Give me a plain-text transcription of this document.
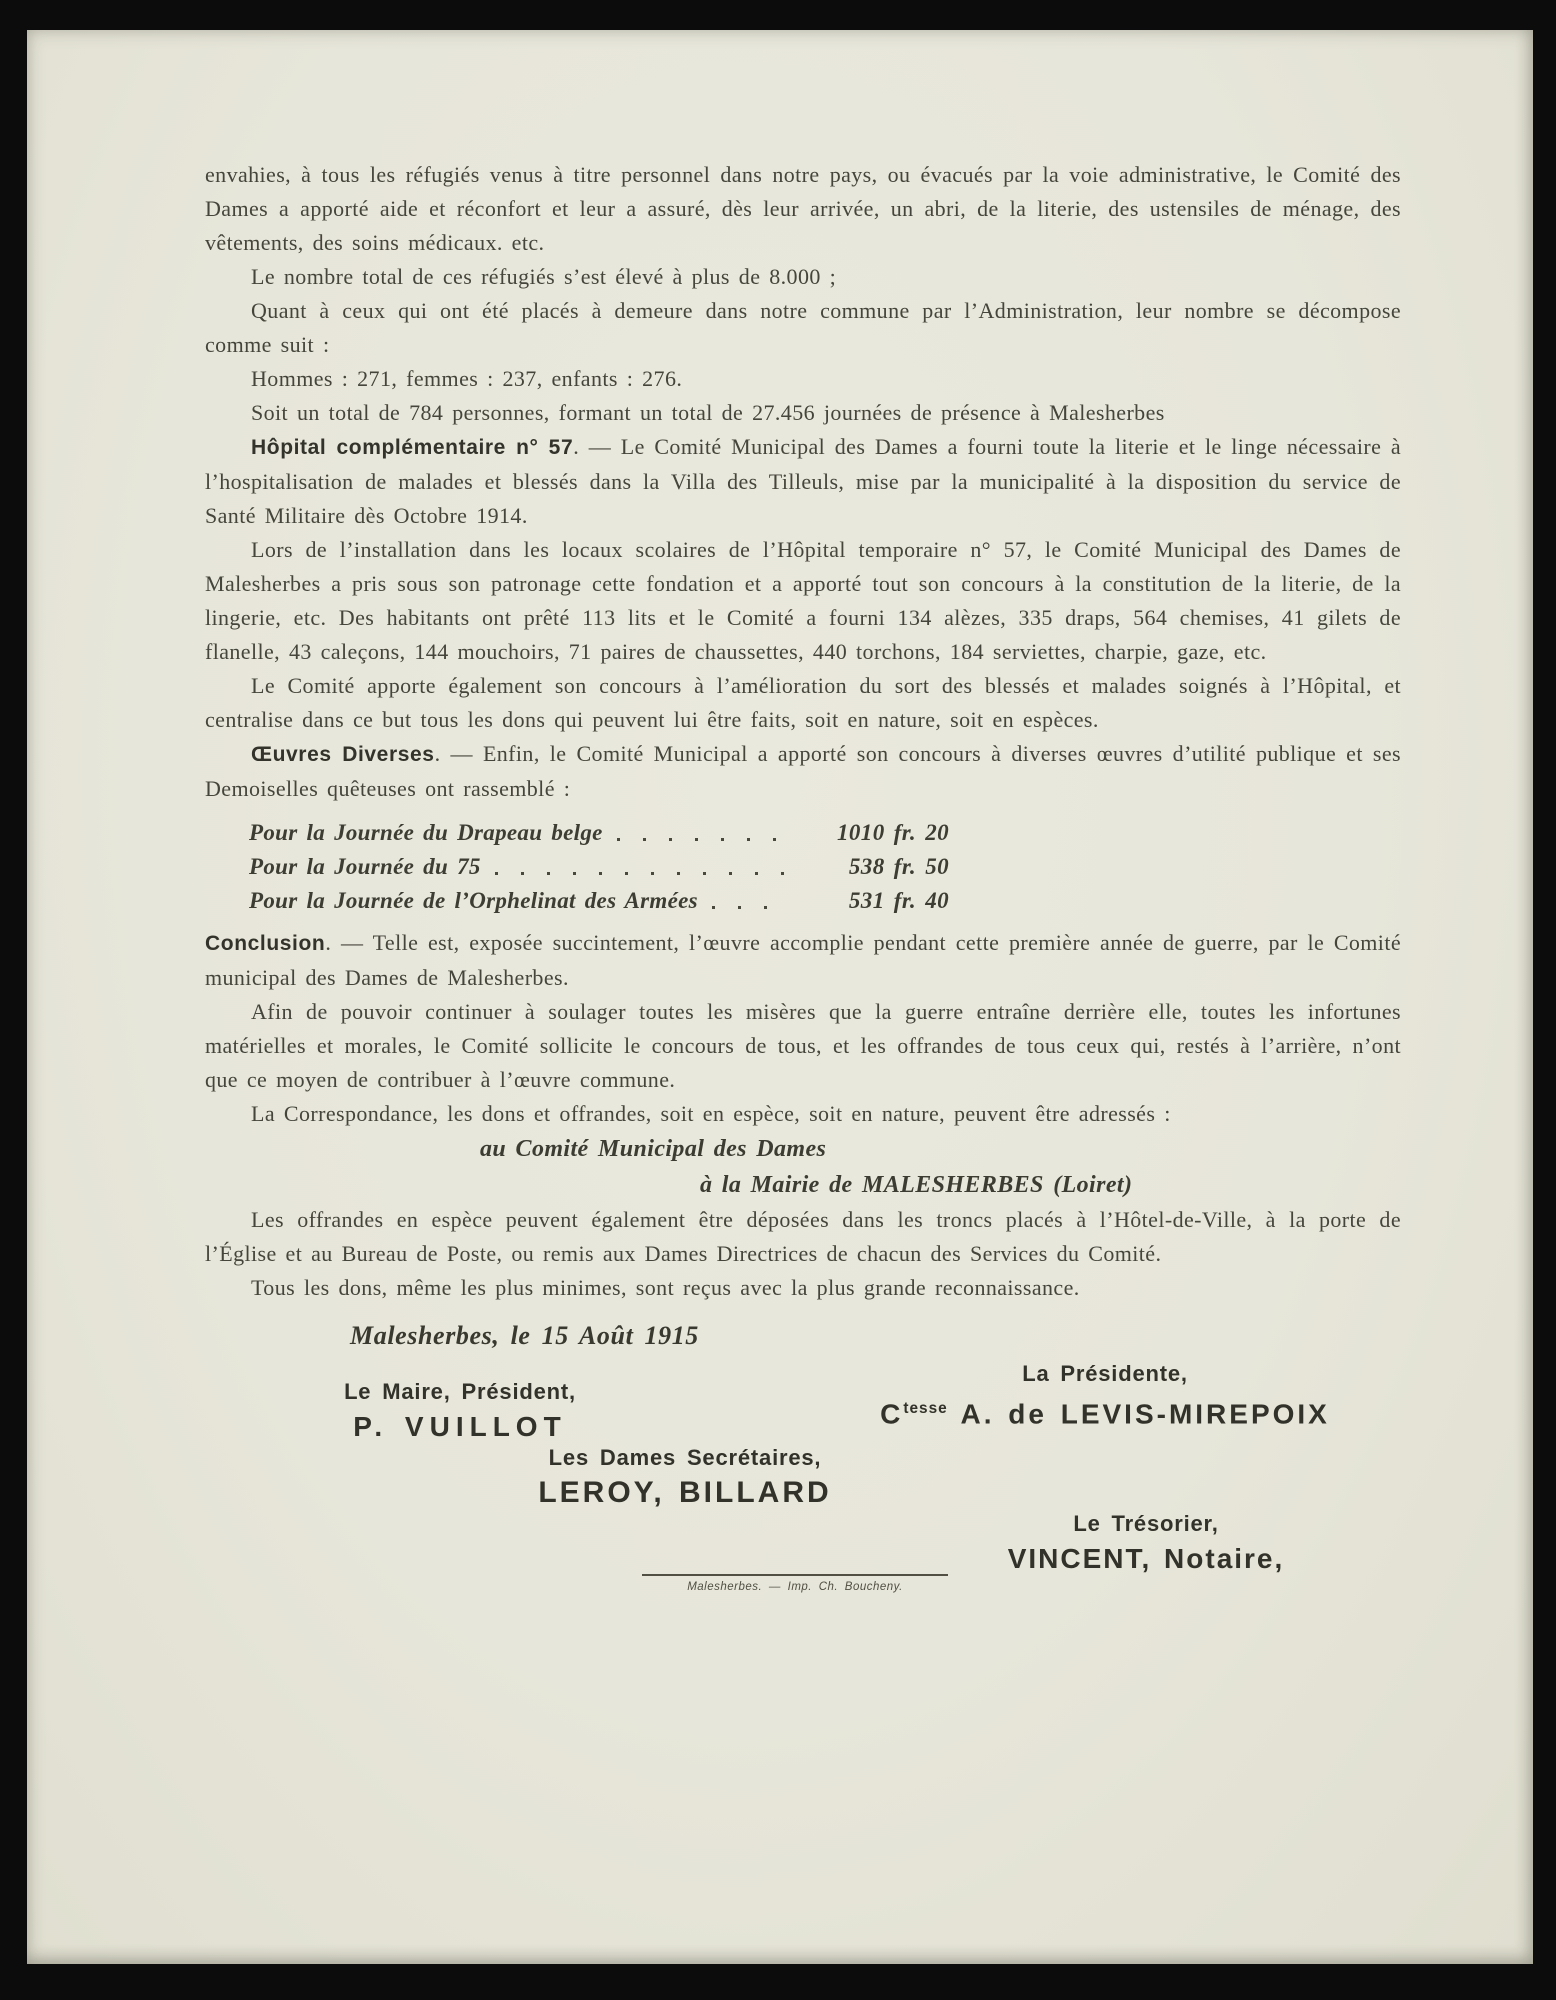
envahies, à tous les réfugiés venus à titre personnel dans notre pays, ou évacués par la voie administrative, le Comité des Dames a apporté aide et réconfort et leur a assuré, dès leur arrivée, un abri, de la literie, des ustensiles de ménage, des vêtements, des soins médicaux. etc.

Le nombre total de ces réfugiés s’est élevé à plus de 8.000 ;

Quant à ceux qui ont été placés à demeure dans notre commune par l’Administration, leur nombre se décompose comme suit :

Hommes : 271, femmes : 237, enfants : 276.

Soit un total de 784 personnes, formant un total de 27.456 journées de présence à Malesherbes

Hôpital complémentaire n° 57. — Le Comité Municipal des Dames a fourni toute la literie et le linge nécessaire à l’hospitalisation de malades et blessés dans la Villa des Tilleuls, mise par la municipalité à la disposition du service de Santé Militaire dès Octobre 1914.

Lors de l’installation dans les locaux scolaires de l’Hôpital temporaire n° 57, le Comité Municipal des Dames de Malesherbes a pris sous son patronage cette fondation et a apporté tout son concours à la constitution de la literie, de la lingerie, etc. Des habitants ont prêté 113 lits et le Comité a fourni 134 alèzes, 335 draps, 564 chemises, 41 gilets de flanelle, 43 caleçons, 144 mouchoirs, 71 paires de chaussettes, 440 torchons, 184 serviettes, charpie, gaze, etc.

Le Comité apporte également son concours à l’amélioration du sort des blessés et malades soignés à l’Hôpital, et centralise dans ce but tous les dons qui peuvent lui être faits, soit en nature, soit en espèces.

Œuvres Diverses. — Enfin, le Comité Municipal a apporté son concours à diverses œuvres d’utilité publique et ses Demoiselles quêteuses ont rassemblé :

Pour la Journée du Drapeau belge	1010 fr. 20
Pour la Journée du 75	538 fr. 50
Pour la Journée de l’Orphelinat des Armées	531 fr. 40

Conclusion. — Telle est, exposée succintement, l’œuvre accomplie pendant cette première année de guerre, par le Comité municipal des Dames de Malesherbes.

Afin de pouvoir continuer à soulager toutes les misères que la guerre entraîne derrière elle, toutes les infortunes matérielles et morales, le Comité sollicite le concours de tous, et les offrandes de tous ceux qui, restés à l’arrière, n’ont que ce moyen de contribuer à l’œuvre commune.

La Correspondance, les dons et offrandes, soit en espèce, soit en nature, peuvent être adressés :

au Comité Municipal des Dames

à la Mairie de MALESHERBES (Loiret)

Les offrandes en espèce peuvent également être déposées dans les troncs placés à l’Hôtel-de-Ville, à la porte de l’Église et au Bureau de Poste, ou remis aux Dames Directrices de chacun des Services du Comité.

Tous les dons, même les plus minimes, sont reçus avec la plus grande reconnaissance.

Malesherbes, le 15 Août 1915

La Présidente,
$C^{tesse}$ A. de LEVIS-MIREPOIX
Le Maire, Président,
P. VUILLOT
Les Dames Secrétaires,
LEROY, BILLARD
Le Trésorier,
VINCENT, Notaire,
Malesherbes. — Imp. Ch. Boucheny.
